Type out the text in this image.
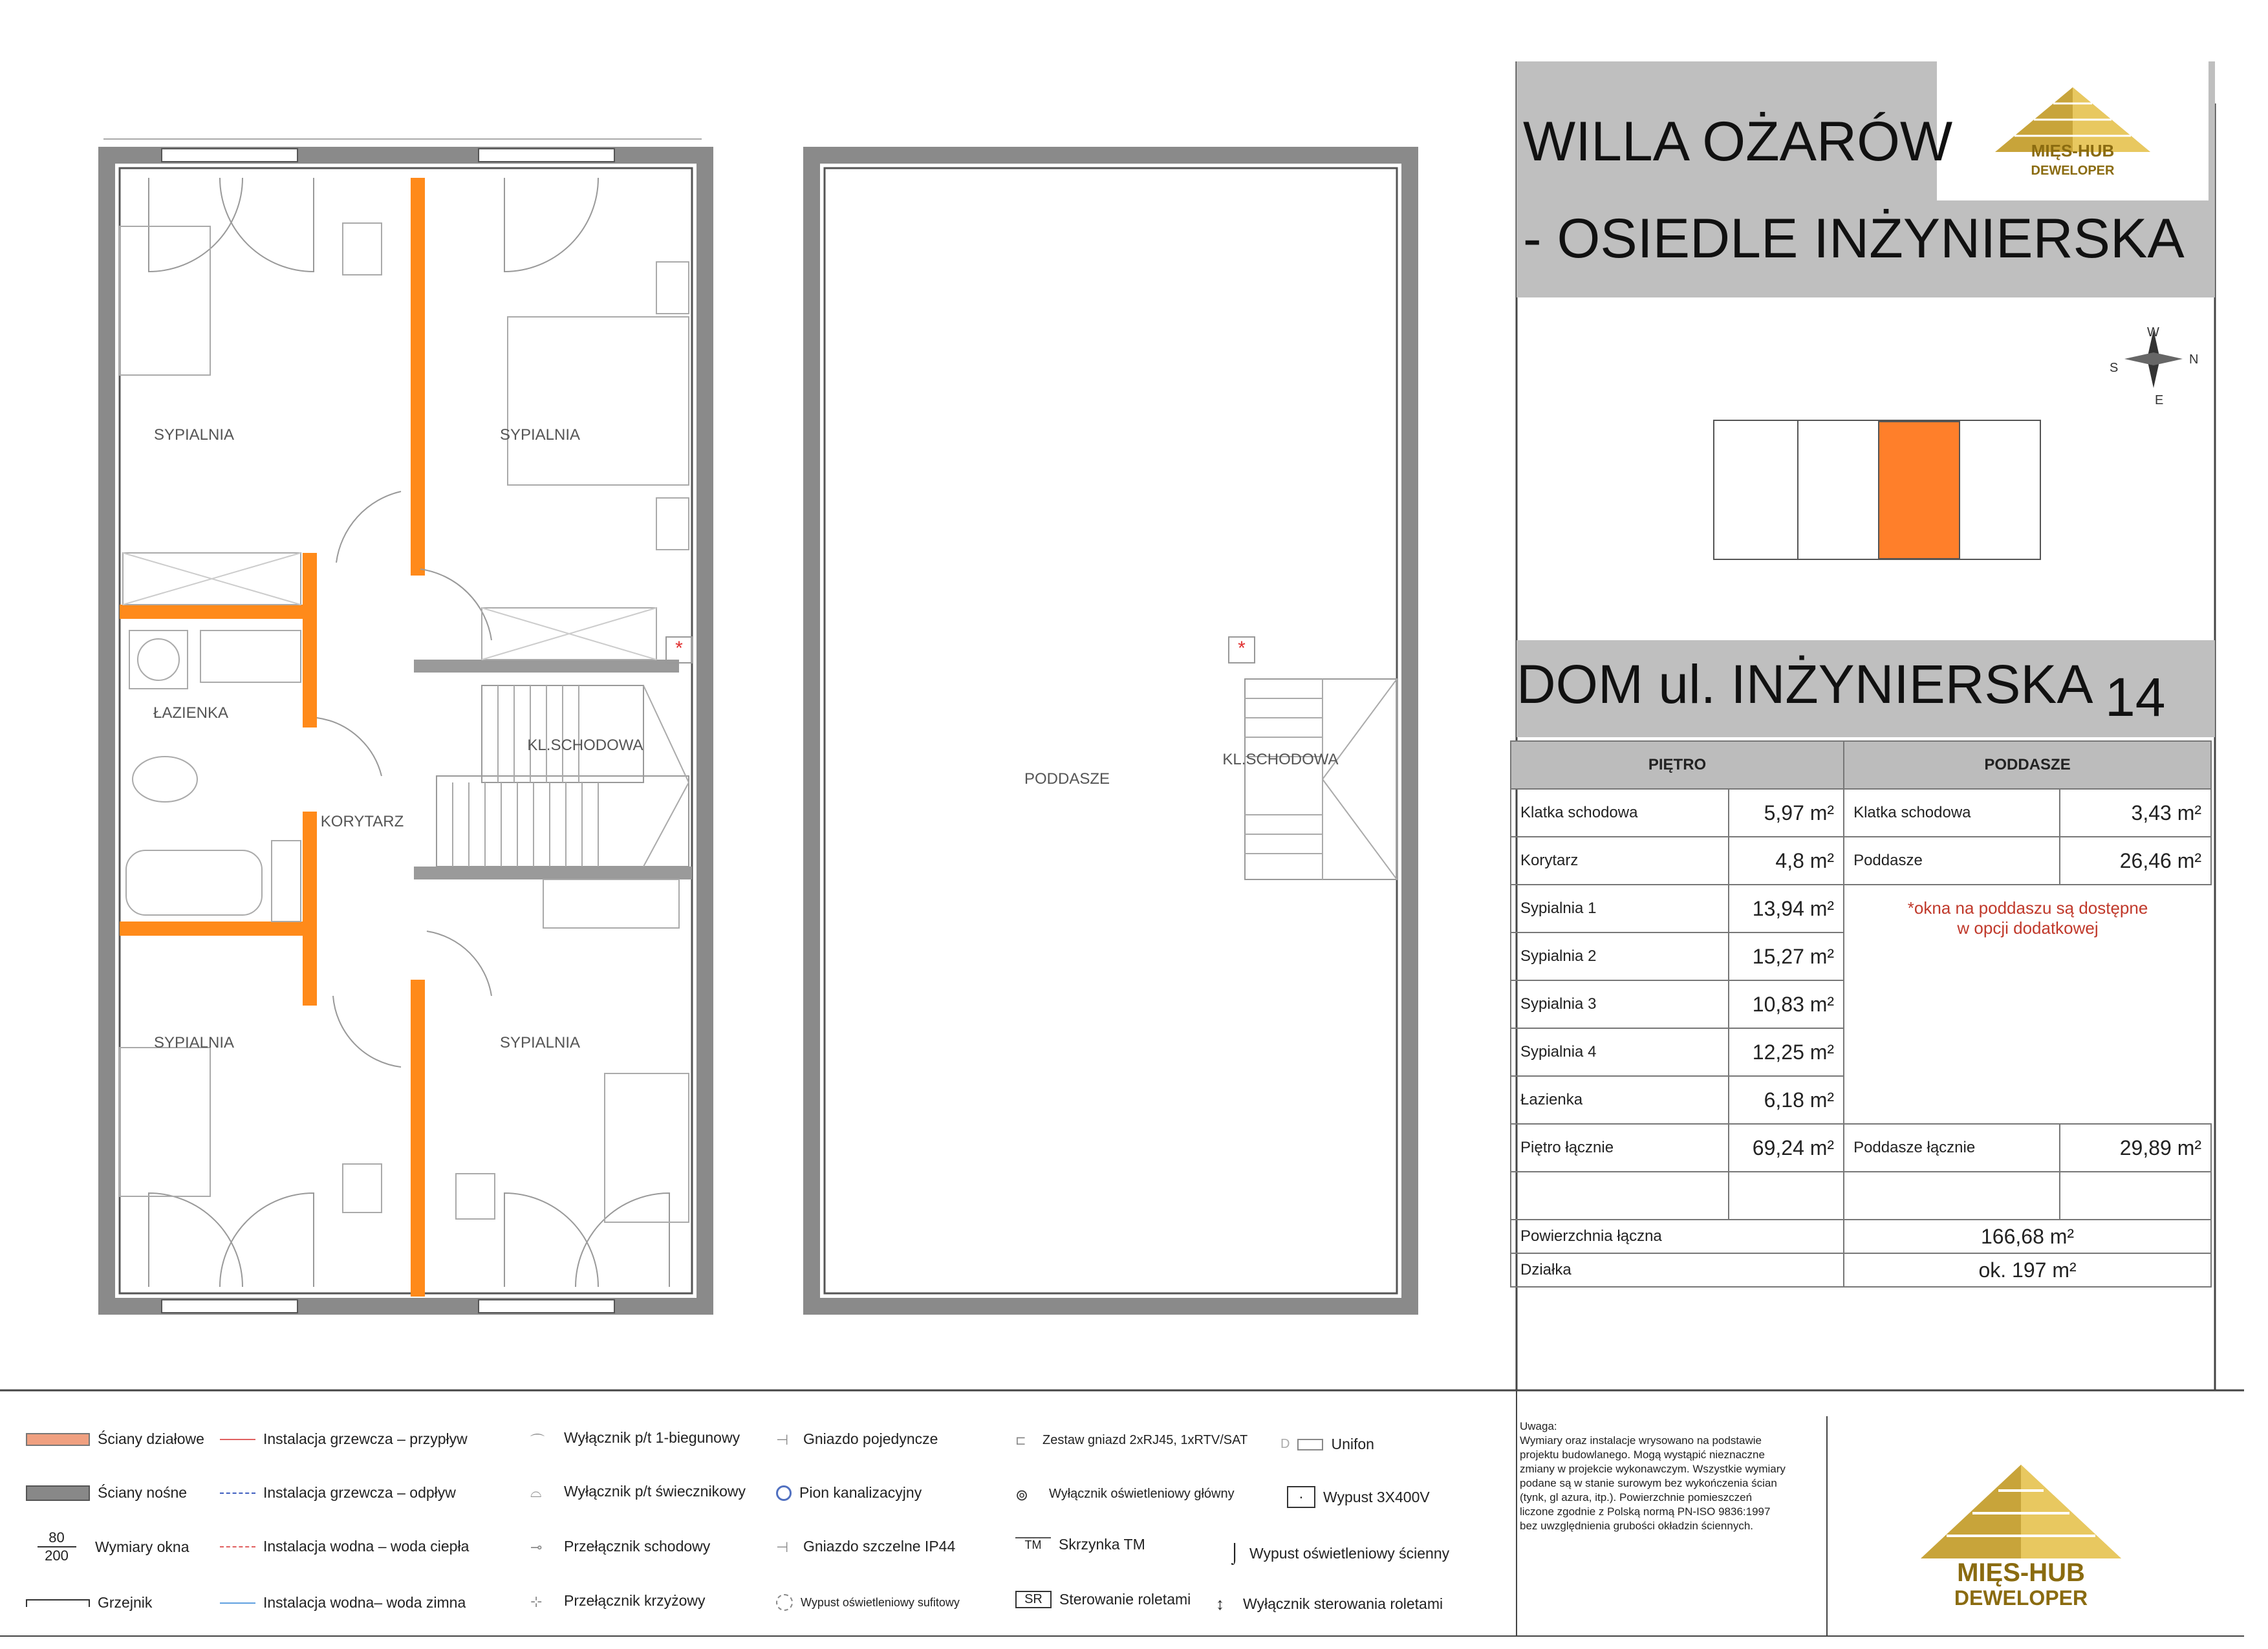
*
SYPIALNIA	SYPIALNIA
ŁAZIENKA
KL.SCHODOWA
KORYTARZ
SYPIALNIA	SYPIALNIA
*
PODDASZE
KL.SCHODOWA
W
N
S
E
WILLA OŻARÓW
- OSIEDLE INŻYNIERSKA
MIĘS-HUB
DEWELOPER
DOM ul. INŻYNIERSKA 14
PIĘTRO		PODDASZE	
Klatka schodowa	5,97 m²	Klatka schodowa	3,43 m²
Korytarz	4,8 m²	Poddasze	26,46 m²
Sypialnia 1	13,94 m²	*okna na poddaszu są dostępne
w opcji dodatkowej	

Sypialnia 2	15,27 m²		
Sypialnia 3	10,83 m²		
Sypialnia 4	12,25 m²		
Łazienka	6,18 m²		
Piętro łącznie	69,24 m²	Poddasze łącznie	29,89 m²

Powierzchnia łączna		166,68 m²	
Działka		ok. 197 m²	
Ściany działowe
Ściany nośne
80
200
Wymiary okna
Grzejnik
Instalacja grzewcza – przypływ
Instalacja grzewcza – odpływ
Instalacja wodna – woda ciepła
Instalacja wodna– woda zimna
⌒	Wyłącznik p/t 1-biegunowy
⌓	Wyłącznik p/t świecznikowy
⊸	Przełącznik schodowy
⊹	Przełącznik krzyżowy
⊣ Gniazdo pojedyncze
Pion kanalizacyjny
⊣ Gniazdo szczelne IP44
Wypust oświetleniowy sufitowy
⊏	Zestaw gniazd 2xRJ45, 1xRTV/SAT
⊚	Wyłącznik oświetleniowy główny
TM	Skrzynka TM
SR	Sterowanie roletami
D	Unifon
·	Wypust 3X400V
⌡ Wypust oświetleniowy ścienny
↕	Wyłącznik sterowania roletami
Uwaga:
Wymiary oraz instalacje wrysowano na podstawie
projektu budowlanego. Mogą wystąpić nieznaczne
zmiany w projekcie wykonawczym. Wszystkie wymiary
podane są w stanie surowym bez wykończenia ścian
(tynk, gl azura, itp.). Powierzchnie pomieszczeń
liczone zgodnie z Polską normą PN-ISO 9836:1997
bez uwzględnienia grubości okładzin ściennych.
MIĘS-HUB
DEWELOPER
